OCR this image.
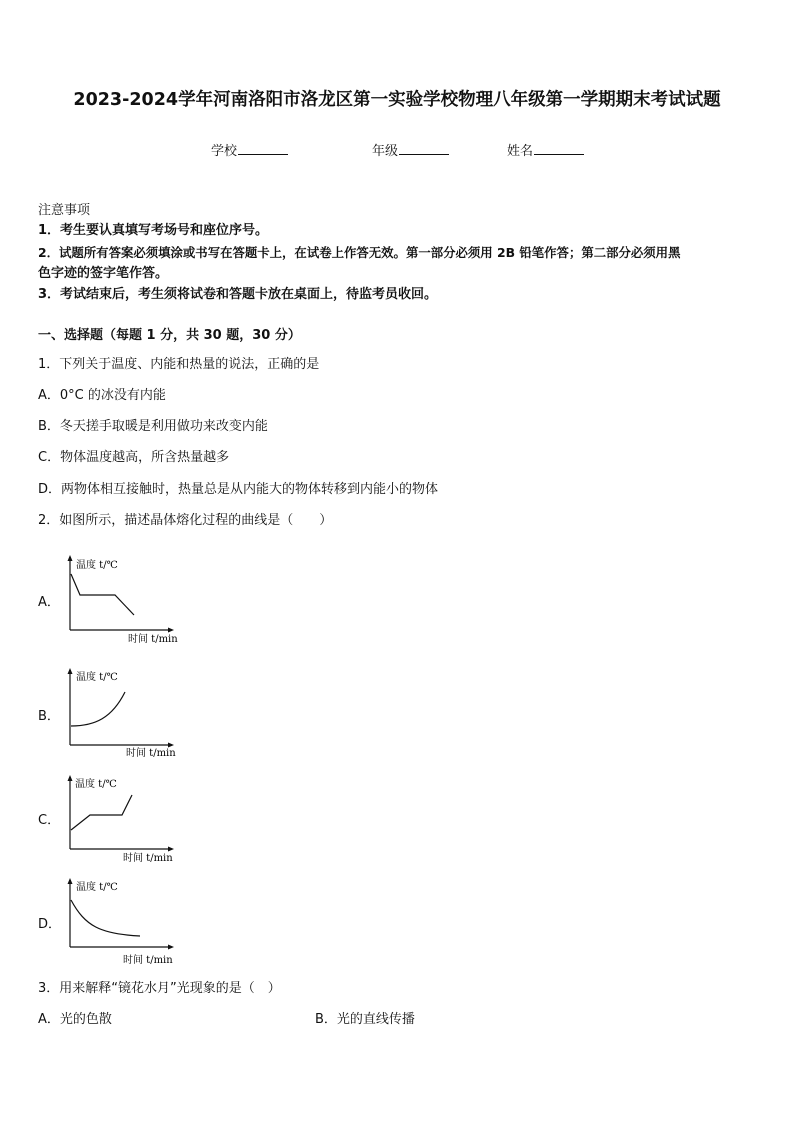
2023-2024学年河南洛阳市洛龙区第一实验学校物理八年级第一学期期末考试试题
学校	年级	姓名
注意事项
1．考生要认真填写考场号和座位序号。
2．试题所有答案必须填涂或书写在答题卡上，在试卷上作答无效。第一部分必须用 2B 铅笔作答；第二部分必须用黑
色字迹的签字笔作答。
3．考试结束后，考生须将试卷和答题卡放在桌面上，待监考员收回。
一、选择题（每题 1 分，共 30 题，30 分）
1．下列关于温度、内能和热量的说法，正确的是
A．0°C 的冰没有内能
B．冬天搓手取暖是利用做功来改变内能
C．物体温度越高，所含热量越多
D．两物体相互接触时，热量总是从内能大的物体转移到内能小的物体
2．如图所示，描述晶体熔化过程的曲线是（　　）
A．
温度 t/℃
时间 t/min
B．
温度 t/℃
时间 t/min
C．
温度 t/℃
时间 t/min
D．
温度 t/℃
时间 t/min
3．用来解释“镜花水月”光现象的是（　）
A．光的色散	B．光的直线传播
